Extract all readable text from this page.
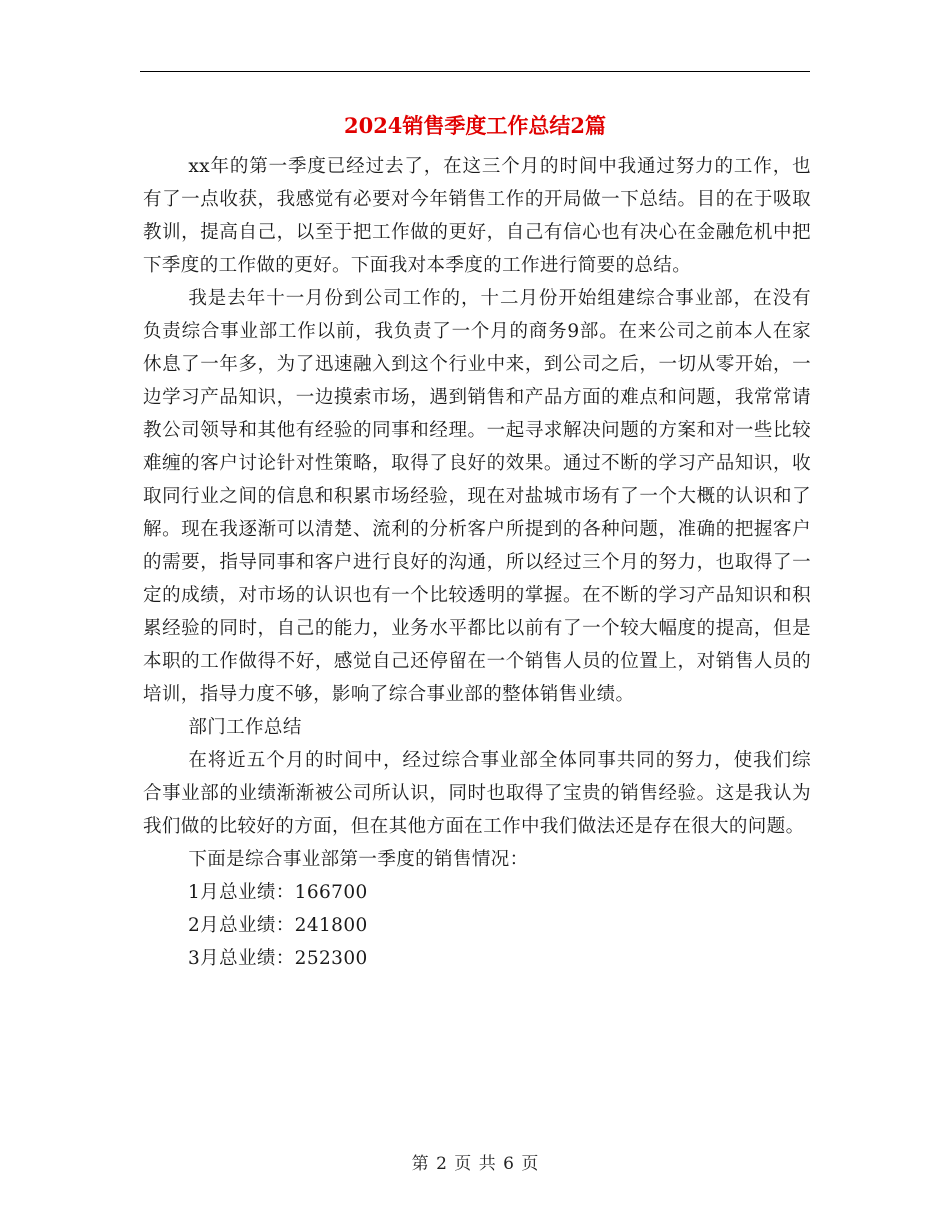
2024销售季度工作总结2篇

xx年的第一季度已经过去了，在这三个月的时间中我通过努力的工作，也有了一点收获，我感觉有必要对今年销售工作的开局做一下总结。目的在于吸取教训，提高自己，以至于把工作做的更好，自己有信心也有决心在金融危机中把下季度的工作做的更好。下面我对本季度的工作进行简要的总结。

我是去年十一月份到公司工作的，十二月份开始组建综合事业部，在没有负责综合事业部工作以前，我负责了一个月的商务9部。在来公司之前本人在家休息了一年多，为了迅速融入到这个行业中来，到公司之后，一切从零开始，一边学习产品知识，一边摸索市场，遇到销售和产品方面的难点和问题，我常常请教公司领导和其他有经验的同事和经理。一起寻求解决问题的方案和对一些比较难缠的客户讨论针对性策略，取得了良好的效果。通过不断的学习产品知识，收取同行业之间的信息和积累市场经验，现在对盐城市场有了一个大概的认识和了解。现在我逐渐可以清楚、流利的分析客户所提到的各种问题，准确的把握客户的需要，指导同事和客户进行良好的沟通，所以经过三个月的努力，也取得了一定的成绩，对市场的认识也有一个比较透明的掌握。在不断的学习产品知识和积累经验的同时，自己的能力，业务水平都比以前有了一个较大幅度的提高，但是本职的工作做得不好，感觉自己还停留在一个销售人员的位置上，对销售人员的培训，指导力度不够，影响了综合事业部的整体销售业绩。

部门工作总结

在将近五个月的时间中，经过综合事业部全体同事共同的努力，使我们综合事业部的业绩渐渐被公司所认识，同时也取得了宝贵的销售经验。这是我认为我们做的比较好的方面，但在其他方面在工作中我们做法还是存在很大的问题。

下面是综合事业部第一季度的销售情况：

1月总业绩：166700
2月总业绩：241800
3月总业绩：252300
第 2 页 共 6 页
